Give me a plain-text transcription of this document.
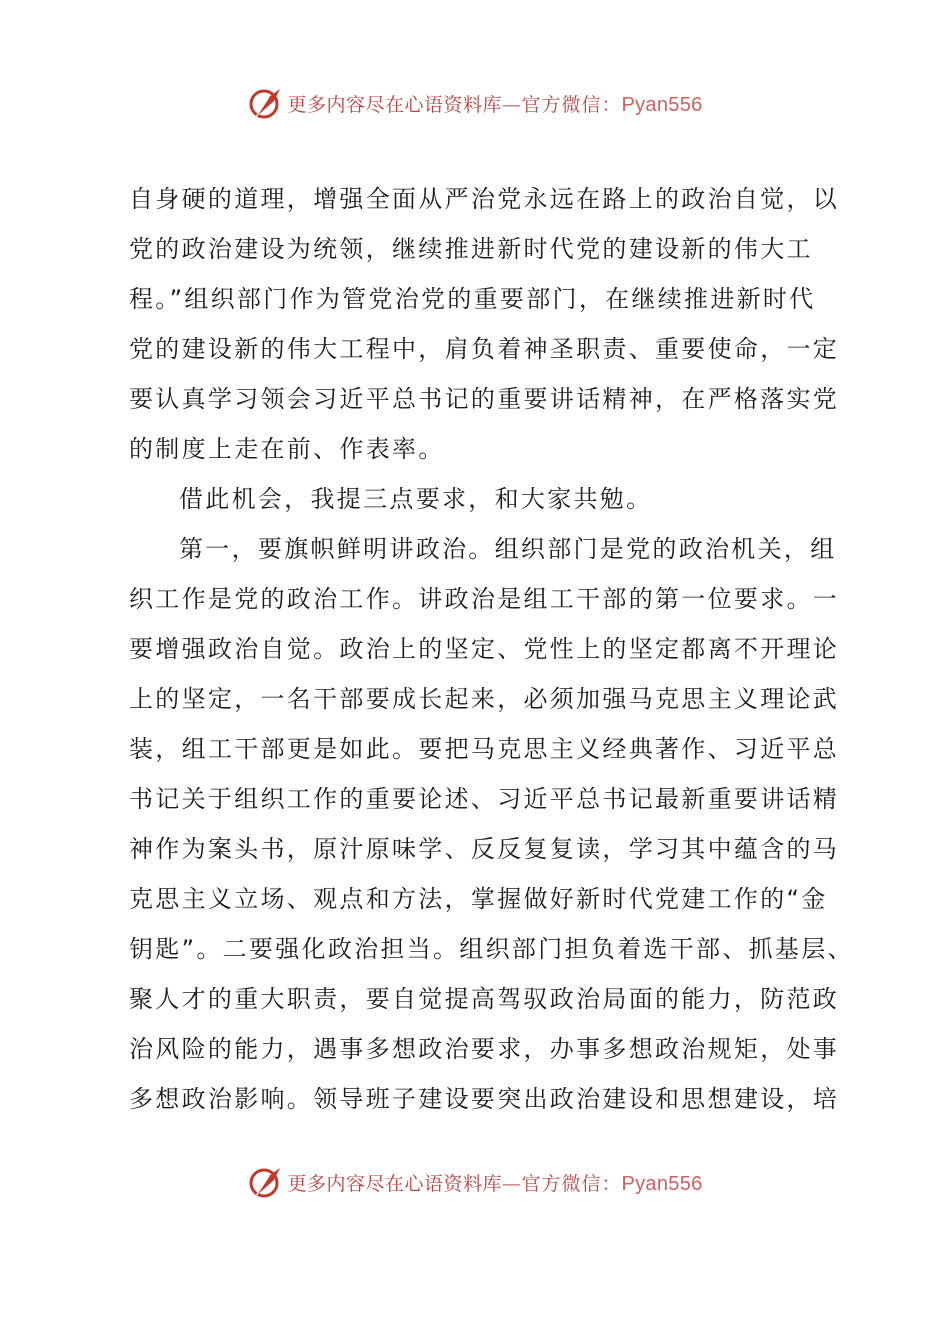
更多内容尽在心语资料库—官方微信：Pyan556
自身硬的道理，增强全面从严治党永远在路上的政治自觉，以
党的政治建设为统领，继续推进新时代党的建设新的伟大工
程。”组织部门作为管党治党的重要部门，在继续推进新时代
党的建设新的伟大工程中，肩负着神圣职责、重要使命，一定
要认真学习领会习近平总书记的重要讲话精神，在严格落实党
的制度上走在前、作表率。
借此机会，我提三点要求，和大家共勉。
第一，要旗帜鲜明讲政治。组织部门是党的政治机关，组
织工作是党的政治工作。讲政治是组工干部的第一位要求。一
要增强政治自觉。政治上的坚定、党性上的坚定都离不开理论
上的坚定，一名干部要成长起来，必须加强马克思主义理论武
装，组工干部更是如此。要把马克思主义经典著作、习近平总
书记关于组织工作的重要论述、习近平总书记最新重要讲话精
神作为案头书，原汁原味学、反反复复读，学习其中蕴含的马
克思主义立场、观点和方法，掌握做好新时代党建工作的“金
钥匙”。二要强化政治担当。组织部门担负着选干部、抓基层、
聚人才的重大职责，要自觉提高驾驭政治局面的能力，防范政
治风险的能力，遇事多想政治要求，办事多想政治规矩，处事
多想政治影响。领导班子建设要突出政治建设和思想建设，培
更多内容尽在心语资料库—官方微信：Pyan556
